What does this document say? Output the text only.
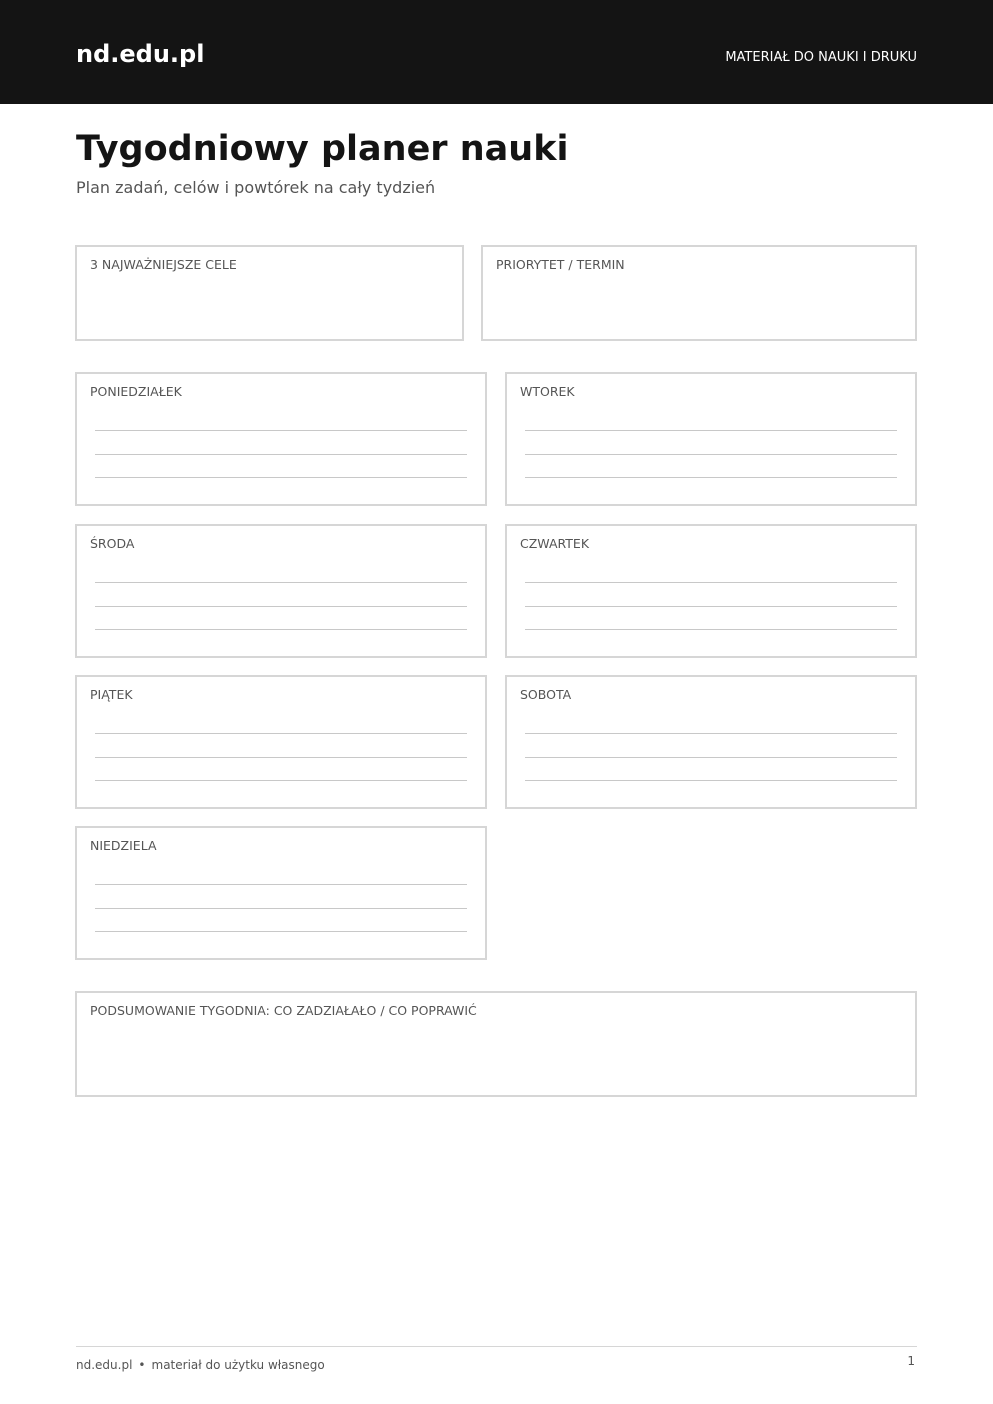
nd.edu.pl	MATERIAŁ DO NAUKI I DRUKU
Tygodniowy planer nauki
Plan zadań, celów i powtórek na cały tydzień
3 NAJWAŻNIEJSZE CELE	PRIORYTET / TERMIN
PONIEDZIAŁEK	WTOREK
ŚRODA	CZWARTEK
PIĄTEK	SOBOTA
NIEDZIELA
PODSUMOWANIE TYGODNIA: CO ZADZIAŁAŁO / CO POPRAWIĆ
nd.edu.pl • materiał do użytku własnego	1
